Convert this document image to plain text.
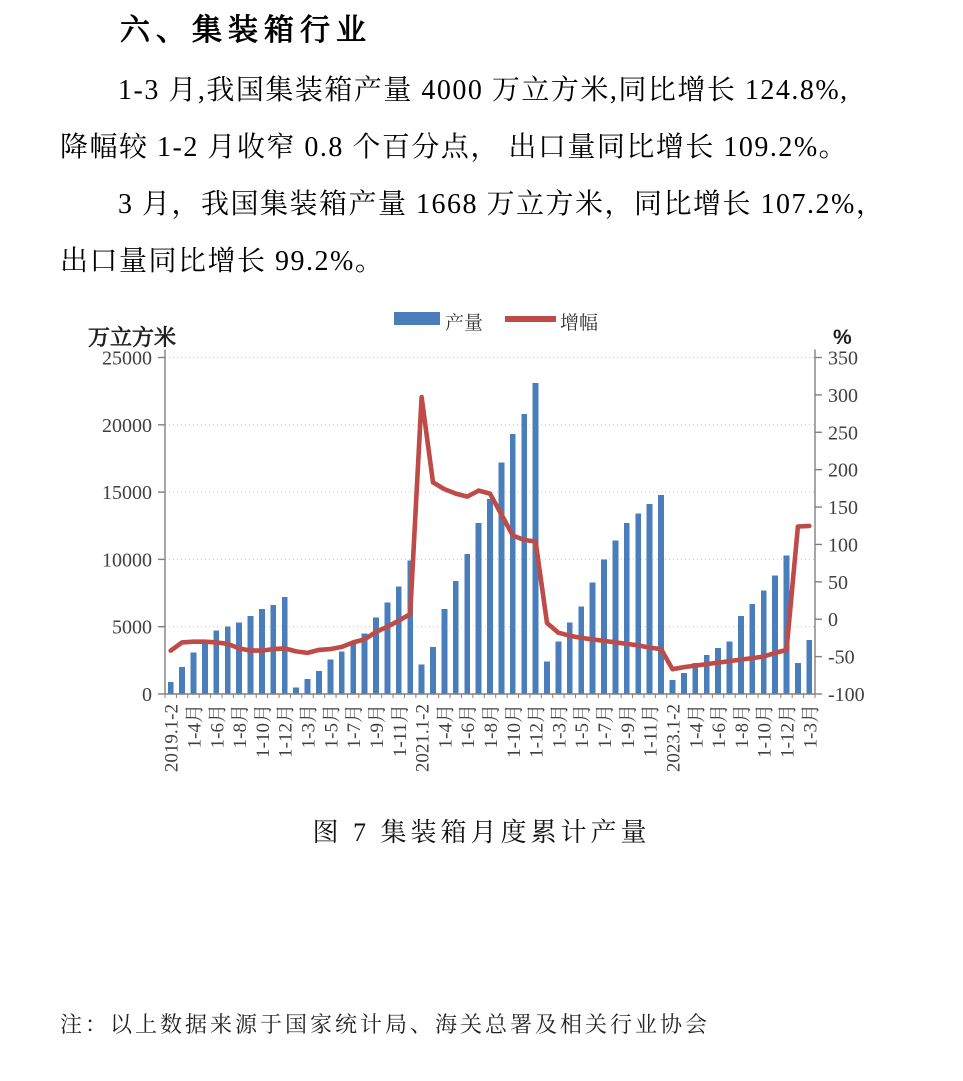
六、集装箱行业
1-3 月,我国集装箱产量 4000 万立方米,同比增长 124.8%,
降幅较 1-2 月收窄 0.8 个百分点， 出口量同比增长 109.2%。
3 月，我国集装箱产量 1668 万立方米，同比增长 107.2%，
出口量同比增长 99.2%。
0
5000
10000
15000
20000
25000
-100
-50
0
50
100
150
200
250
300
350
2019.1-2 1-4月 1-6月 1-8月 1-10月 1-12月 1-3月 1-5月 1-7月 1-9月 1-11月 2021.1-2 1-4月 1-6月 1-8月 1-10月 1-12月 1-3月 1-5月 1-7月 1-9月 1-11月 2023.1-2 1-4月 1-6月 1-8月 1-10月 1-12月 1-3月
万立方米	%
产量	增幅
图 7 集装箱月度累计产量
注：以上数据来源于国家统计局、海关总署及相关行业协会
